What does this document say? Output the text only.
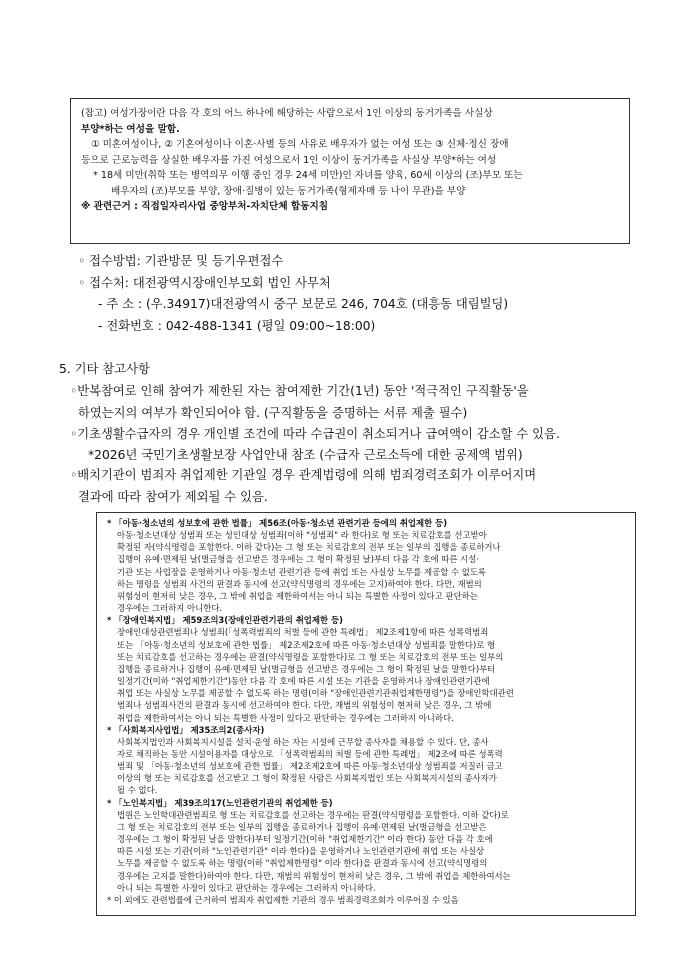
(참고) 여성가장이란 다음 각 호의 어느 하나에 해당하는 사람으로서 1인 이상의 동거가족을 사실상

부양*하는 여성을 말함.

① 미혼여성이나, ② 기혼여성이나 이혼·사별 등의 사유로 배우자가 없는 여성 또는 ③ 신체·정신 장애

등으로 근로능력을 상실한 배우자를 가진 여성으로서 1인 이상이 동거가족을 사실상 부양*하는 여성

* 18세 미만(취학 또는 병역의무 이행 중인 경우 24세 미만)인 자녀를 양육, 60세 이상의 (조)부모 또는

배우자의 (조)부모를 부양, 장애·질병이 있는 동거가족(형제자매 등 나이 무관)을 부양

※ 관련근거 : 직접일자리사업 중앙부처-자치단체 합동지침

◦ 접수방법: 기관방문 및 등기우편접수
◦ 접수처: 대전광역시장애인부모회 법인 사무처
- 주 소 : (우.34917)대전광역시 중구 보문로 246, 704호 (대흥동 대림빌딩)
- 전화번호 : 042-488-1341 (평일 09:00~18:00)
5. 기타 참고사항
◦반복참여로 인해 참여가 제한된 자는 참여제한 기간(1년) 동안 '적극적인 구직활동'을
하였는지의 여부가 확인되어야 함. (구직활동을 증명하는 서류 제출 필수)
◦기초생활수급자의 경우 개인별 조건에 따라 수급권이 취소되거나 급여액이 감소할 수 있음.
*2026년 국민기초생활보장 사업안내 참조 (수급자 근로소득에 대한 공제액 범위)
◦배치기관이 범죄자 취업제한 기관일 경우 관계법령에 의해 범죄경력조회가 이루어지며

* 「아동·청소년의 성보호에 관한 법률」 제56조(아동·청소년 관련기관 등에의 취업제한 등)

아동·청소년대상 성범죄 또는 성인대상 성범죄(이하 "성범죄" 라 한다)로 형 또는 치료감호를 선고받아

확정된 자(약식명령을 포함한다. 이하 같다)는 그 형 또는 치료감호의 전부 또는 일부의 집행을 종료하거나

집행이 유예·면제된 날(벌금형을 선고받은 경우에는 그 형이 확정된 날)부터 다음 각 호에 따른 시설·

기관 또는 사업장을 운영하거나 아동·청소년 관련기관 등에 취업 또는 사실상 노무를 제공할 수 없도록

하는 명령을 성범죄 사건의 판결과 동시에 선고(약식명령의 경우에는 고지)하여야 한다. 다만, 재범의

위험성이 현저히 낮은 경우, 그 밖에 취업을 제한하여서는 아니 되는 특별한 사정이 있다고 판단하는

경우에는 그러하지 아니한다.

* 「장애인복지법」 제59조의3(장애인관련기관의 취업제한 등)

장애인대상관련범죄나 성범죄(「성폭력범죄의 처벌 등에 관한 특례법」 제2조제1항에 따른 성폭력범죄

또는 「아동·청소년의 성보호에 관한 법률」 제2조제2호에 따른 아동·청소년대상 성범죄를 말한다)로 형

또는 치료감호를 선고하는 경우에는 판결(약식명령을 포함한다)로 그 형 또는 치료감호의 전부 또는 일부의

집행을 종료하거나 집행이 유예·면제된 날(벌금형을 선고받은 경우에는 그 형이 확정된 날을 말한다)부터

일정기간(이하 "취업제한기간")동안 다음 각 호에 따른 시설 또는 기관을 운영하거나 장애인관련기관에

취업 또는 사실상 노무를 제공할 수 없도록 하는 명령(이하 "장애인관련기관취업제한명령")을 장애인학대관련

범죄나 성범죄사건의 판결과 동시에 선고하여야 한다. 다만, 재범의 위험성이 현저히 낮은 경우, 그 밖에

취업을 제한하여서는 아니 되는 특별한 사정이 있다고 판단하는 경우에는 그러하지 아니하다.

* 「사회복지사업법」 제35조의2(종사자)

사회복지법인과 사회복지시설을 설치·운영 하는 자는 시설에 근무할 종사자를 채용할 수 있다. 단, 종사

자로 채직하는 동안 시설이용자를 대상으로 「성폭력범죄의 처벌 등에 관한 특례법」 제2조에 따른 성폭력

범죄 및 「아동·청소년의 성보호에 관한 법률」 제2조제2호에 따른 아동·청소년대상 성범죄를 저질러 금고

이상의 형 또는 치료감호를 선고받고 그 형이 확정된 사람은 사회복지법인 또는 사회복지시설의 종사자가

될 수 없다.

* 「노인복지법」 제39조의17(노인관련기관의 취업제한 등)

법원은 노인학대관련범죄로 형 또는 치료감호를 선고하는 경우에는 판결(약식명령을 포함한다. 이하 같다)로

그 형 또는 치료감호의 전부 또는 일부의 집행을 종료하거나 집행이 유예·면제된 날(벌금형을 선고받은

경우에는 그 형이 확정된 날을 말한다)부터 일정기간(이하 "취업제한기간" 이라 한다) 동안 다음 각 호에

따른 시설 또는 기관(이하 "노인관련기관" 이라 한다)을 운영하거나 노인관련기관에 취업 또는 사실상

노무를 제공할 수 없도록 하는 명령(이하 "취업제한명령" 이라 한다)을 판결과 동시에 선고(약식명령의

경우에는 고지를 말한다)하여야 한다. 다만, 재범의 위험성이 현저히 낮은 경우, 그 밖에 취업을 제한하여서는

아니 되는 특별한 사정이 있다고 판단하는 경우에는 그러하지 아니하다.

* 이 외에도 관련법률에 근거하여 범죄자 취업제한 기관의 경우 범죄경력조회가 이루어질 수 있음

결과에 따라 참여가 제외될 수 있음.
